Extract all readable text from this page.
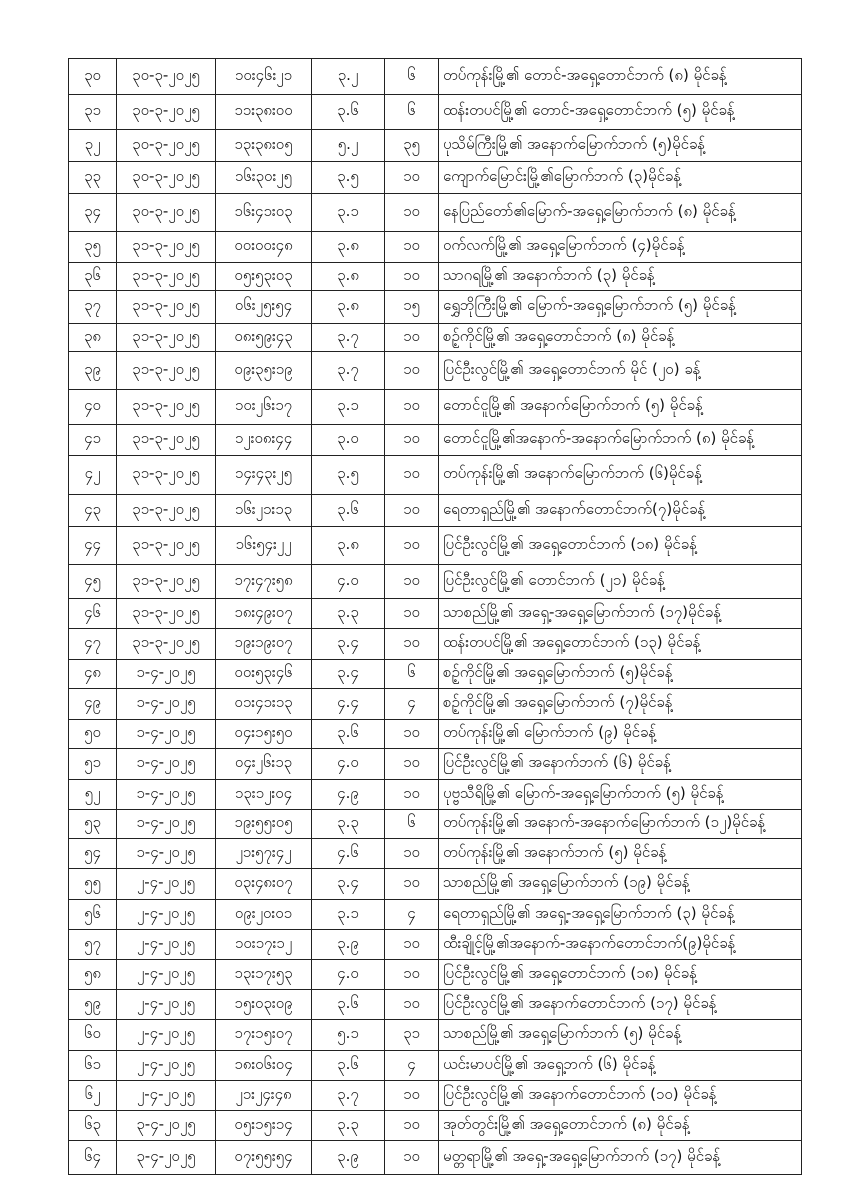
၃၀	၃၀-၃-၂၀၂၅	၁၀း၄၆း၂၁	၃.၂	၆	တပ်ကုန်းမြို့၏ တောင်-အရှေ့တောင်ဘက် (၈) မိုင်ခန့်
၃၁	၃၀-၃-၂၀၂၅	၁၁း၃၈း၀၀	၃.၆	၆	ထန်းတပင်မြို့၏ တောင်-အရှေ့တောင်ဘက် (၅) မိုင်ခန့်
၃၂	၃၀-၃-၂၀၂၅	၁၃း၃၈း၀၅	၅.၂	၃၅	ပုသိမ်ကြီးမြို့၏ အနောက်မြောက်ဘက် (၅)မိုင်ခန့်
၃၃	၃၀-၃-၂၀၂၅	၁၆း၃၀း၂၅	၃.၅	၁၀	ကျောက်မြောင်းမြို့၏မြောက်ဘက် (၃)မိုင်ခန့်
၃၄	၃၀-၃-၂၀၂၅	၁၆း၄၁း၀၃	၃.၁	၁၀	နေပြည်တော်၏မြောက်-အရှေ့မြောက်ဘက် (၈) မိုင်ခန့်
၃၅	၃၁-၃-၂၀၂၅	၀၀း၀၀း၄၈	၃.၈	၁၀	ဝက်လက်မြို့၏ အရှေ့မြောက်ဘက် (၄)မိုင်ခန့်
၃၆	၃၁-၃-၂၀၂၅	၀၅း၅၃း၀၃	၃.၈	၁၀	သာဂရမြို့၏ အနောက်ဘက် (၃) မိုင်ခန့်
၃၇	၃၁-၃-၂၀၂၅	၀၆း၂၅း၅၄	၃.၈	၁၅	ရွှေဘိုကြီးမြို့၏ မြောက်-အရှေ့မြောက်ဘက် (၅) မိုင်ခန့်
၃၈	၃၁-၃-၂၀၂၅	၀၈း၅၉း၄၃	၃.၇	၁၀	စဉ့်ကိုင်မြို့၏ အရှေ့တောင်ဘက် (၈) မိုင်ခန့်
၃၉	၃၁-၃-၂၀၂၅	၀၉း၃၅း၁၉	၃.၇	၁၀	ပြင်ဦးလွင်မြို့၏ အရှေ့တောင်ဘက် မိုင် (၂၀) ခန့်
၄၀	၃၁-၃-၂၀၂၅	၁၀း၂၆း၁၇	၃.၁	၁၀	တောင်ငူမြို့၏ အနောက်မြောက်ဘက် (၅) မိုင်ခန့်
၄၁	၃၁-၃-၂၀၂၅	၁၂း၀၈း၄၄	၃.၀	၁၀	တောင်ငူမြို့၏အနောက်-အနောက်မြောက်ဘက် (၈) မိုင်ခန့်
၄၂	၃၁-၃-၂၀၂၅	၁၄း၄၃း၂၅	၃.၅	၁၀	တပ်ကုန်းမြို့၏ အနောက်မြောက်ဘက် (၆)မိုင်ခန့်
၄၃	၃၁-၃-၂၀၂၅	၁၆း၂၁း၁၃	၃.၆	၁၀	ရေတာရှည်မြို့၏ အနောက်တောင်ဘက်(၇)မိုင်ခန့်
၄၄	၃၁-၃-၂၀၂၅	၁၆း၅၄း၂၂	၃.၈	၁၀	ပြင်ဦးလွင်မြို့၏ အရှေ့တောင်ဘက် (၁၈) မိုင်ခန့်
၄၅	၃၁-၃-၂၀၂၅	၁၇း၄၇း၅၈	၄.၀	၁၀	ပြင်ဦးလွင်မြို့၏ တောင်ဘက် (၂၁) မိုင်ခန့်
၄၆	၃၁-၃-၂၀၂၅	၁၈း၄၉း၀၇	၃.၃	၁၀	သာစည်မြို့၏ အရှေ့-အရှေ့မြောက်ဘက် (၁၇)မိုင်ခန့်
၄၇	၃၁-၃-၂၀၂၅	၁၉း၁၉း၀၇	၃.၄	၁၀	ထန်းတပင်မြို့၏ အရှေ့တောင်ဘက် (၁၃) မိုင်ခန့်
၄၈	၁-၄-၂၀၂၅	၀၀း၅၃း၄၆	၃.၄	၆	စဉ့်ကိုင်မြို့၏ အရှေ့မြောက်ဘက် (၅)မိုင်ခန့်
၄၉	၁-၄-၂၀၂၅	၀၁း၄၁း၁၃	၄.၄	၄	စဉ့်ကိုင်မြို့၏ အရှေ့မြောက်ဘက် (၇)မိုင်ခန့်
၅၀	၁-၄-၂၀၂၅	၀၄း၁၅း၅၀	၃.၆	၁၀	တပ်ကုန်းမြို့၏ မြောက်ဘက် (၉) မိုင်ခန့်
၅၁	၁-၄-၂၀၂၅	၀၄း၂၆း၁၃	၄.၀	၁၀	ပြင်ဦးလွင်မြို့၏ အနောက်ဘက် (၆) မိုင်ခန့်
၅၂	၁-၄-၂၀၂၅	၁၃း၁၂း၀၄	၄.၉	၁၀	ပုဗ္ဗသီရိမြို့၏ မြောက်-အရှေ့မြောက်ဘက် (၅) မိုင်ခန့်
၅၃	၁-၄-၂၀၂၅	၁၉း၅၅း၀၅	၃.၃	၆	တပ်ကုန်းမြို့၏ အနောက်-အနောက်မြောက်ဘက် (၁၂)မိုင်ခန့်
၅၄	၁-၄-၂၀၂၅	၂၁း၅၇း၄၂	၄.၆	၁၀	တပ်ကုန်းမြို့၏ အနောက်ဘက် (၅) မိုင်ခန့်
၅၅	၂-၄-၂၀၂၅	၀၃း၄၈း၀၇	၃.၄	၁၀	သာစည်မြို့၏ အရှေ့မြောက်ဘက် (၁၉) မိုင်ခန့်
၅၆	၂-၄-၂၀၂၅	၀၉း၂၀း၀၁	၃.၁	၄	ရေတာရှည်မြို့၏ အရှေ့-အရှေ့မြောက်ဘက် (၃) မိုင်ခန့်
၅၇	၂-၄-၂၀၂၅	၁၀း၁၇း၁၂	၃.၉	၁၀	ထီးချိုင့်မြို့၏အနောက်-အနောက်တောင်ဘက်(၉)မိုင်ခန့်
၅၈	၂-၄-၂၀၂၅	၁၃း၁၇း၅၃	၄.၀	၁၀	ပြင်ဦးလွင်မြို့၏ အရှေ့တောင်ဘက် (၁၈) မိုင်ခန့်
၅၉	၂-၄-၂၀၂၅	၁၅း၀၃း၀၉	၃.၆	၁၀	ပြင်ဦးလွင်မြို့၏ အနောက်တောင်ဘက် (၁၇) မိုင်ခန့်
၆၀	၂-၄-၂၀၂၅	၁၇း၁၅း၀၇	၅.၁	၃၁	သာစည်မြို့၏ အရှေ့မြောက်ဘက် (၅) မိုင်ခန့်
၆၁	၂-၄-၂၀၂၅	၁၈း၀၆း၀၄	၃.၆	၄	ယင်းမာပင်မြို့၏ အရှေ့ဘက် (၆) မိုင်ခန့်
၆၂	၂-၄-၂၀၂၅	၂၁း၂၄း၄၈	၃.၇	၁၀	ပြင်ဦးလွင်မြို့၏ အနောက်တောင်ဘက် (၁၀) မိုင်ခန့်
၆၃	၃-၄-၂၀၂၅	၀၅း၁၅း၁၄	၃.၃	၁၀	အုတ်တွင်းမြို့၏ အရှေ့တောင်ဘက် (၈) မိုင်ခန့်
၆၄	၃-၄-၂၀၂၅	၀၇း၅၅း၅၄	၃.၉	၁၀	မတ္တရာမြို့၏ အရှေ့-အရှေ့မြောက်ဘက် (၁၇) မိုင်ခန့်
